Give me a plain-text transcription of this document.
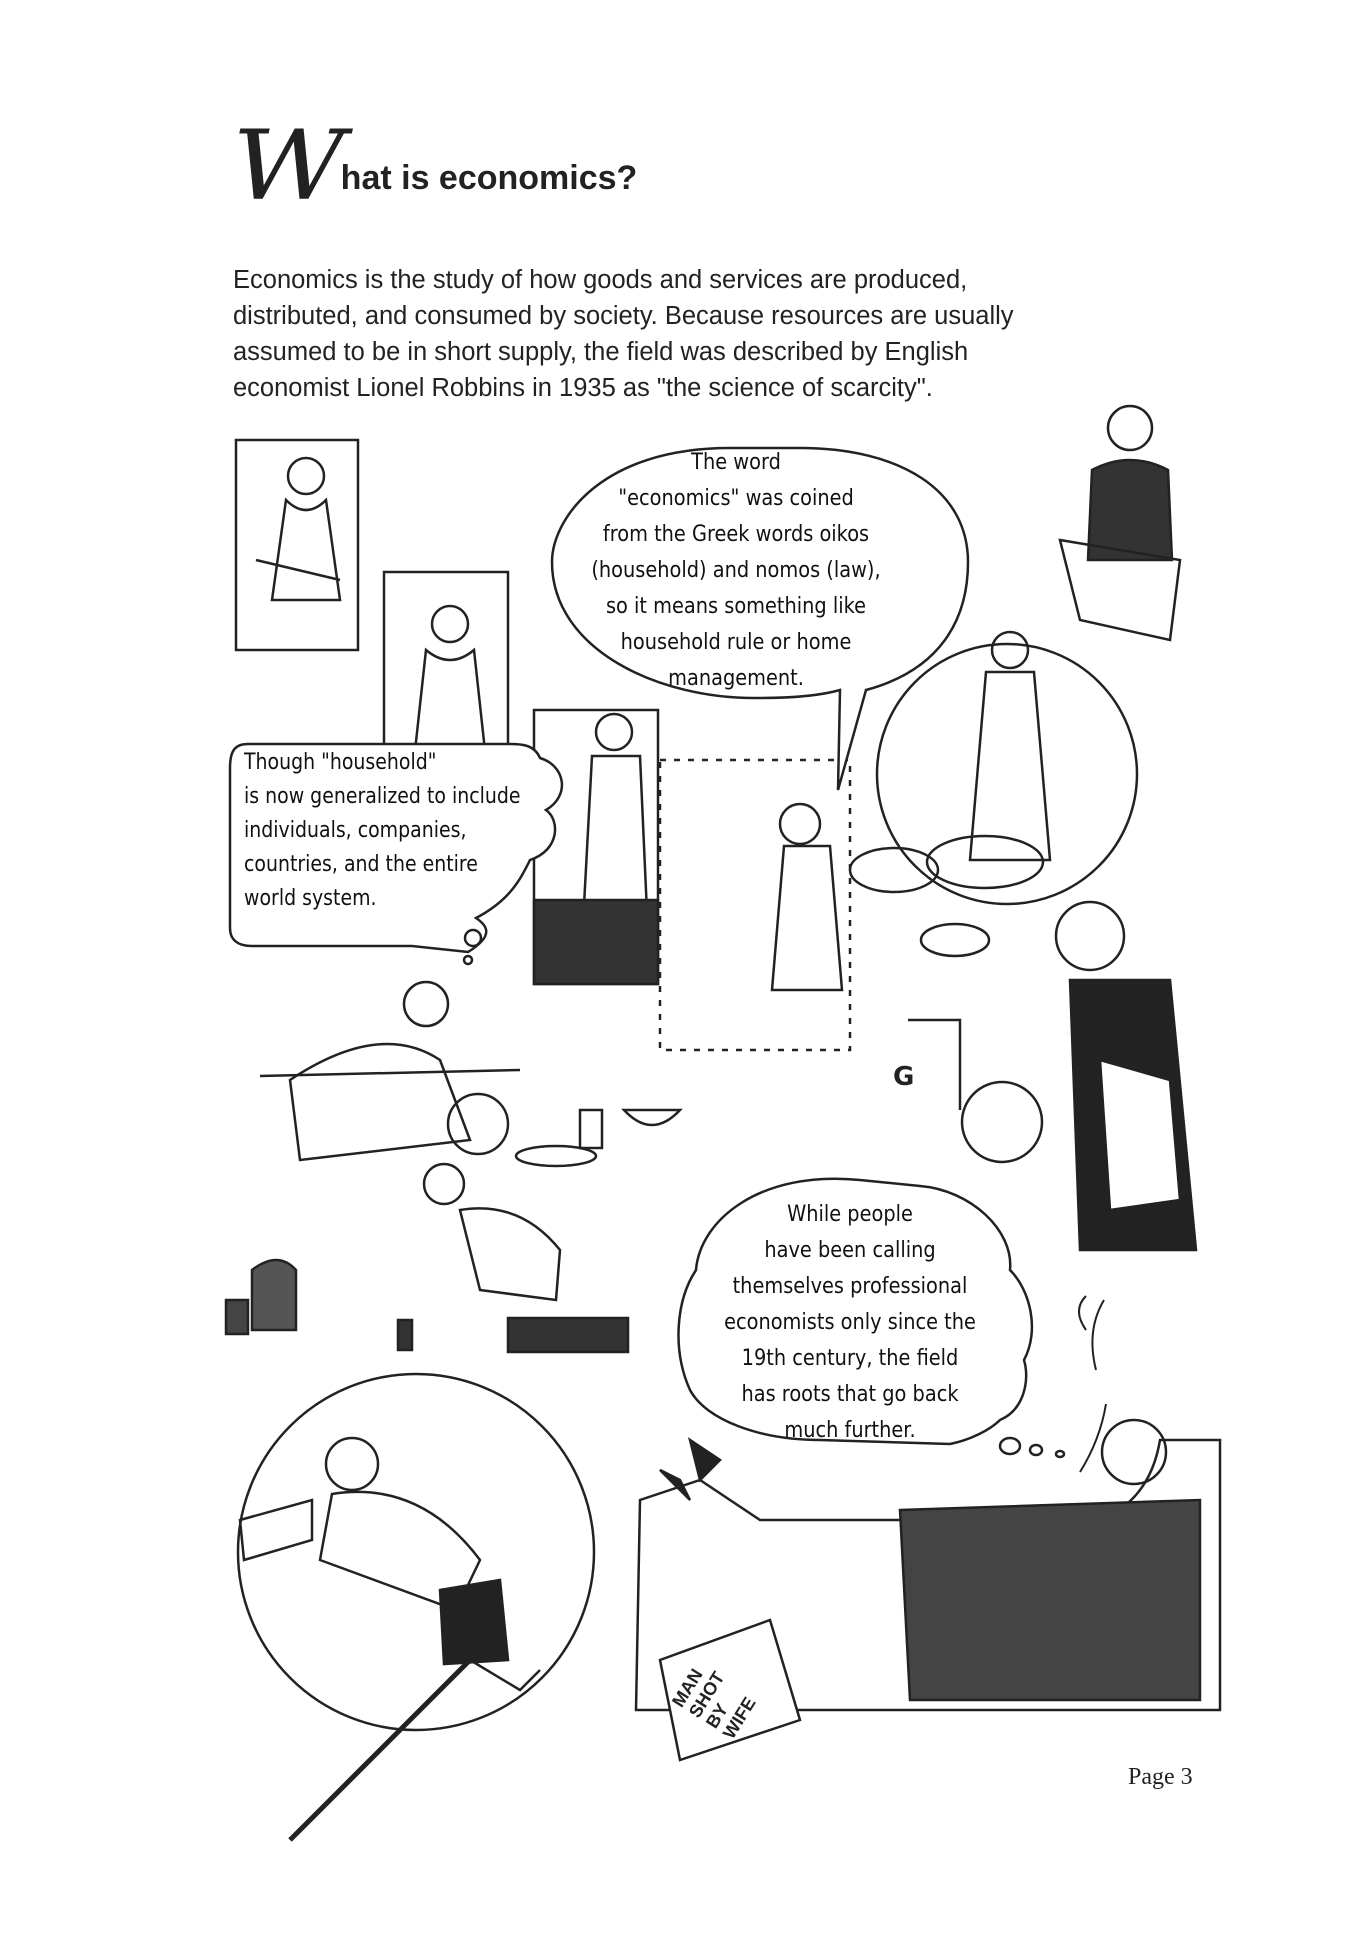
W hat is economics?
Economics is the study of how goods and services are produced,
distributed, and consumed by society. Because resources are usually
assumed to be in short supply, the field was described by English
economist Lionel Robbins in 1935 as "the science of scarcity".
The word
"economics" was coined
from the Greek words oikos
(household) and nomos (law),
so it means something like
household rule or home
management.
Though "household"
is now generalized to include
individuals, companies,
countries, and the entire
world system.
While people
have been calling
themselves professional
economists only since the
19th century, the field
has roots that go back
much further.
G
MAN
SHOT
BY
WIFE
Page 3
